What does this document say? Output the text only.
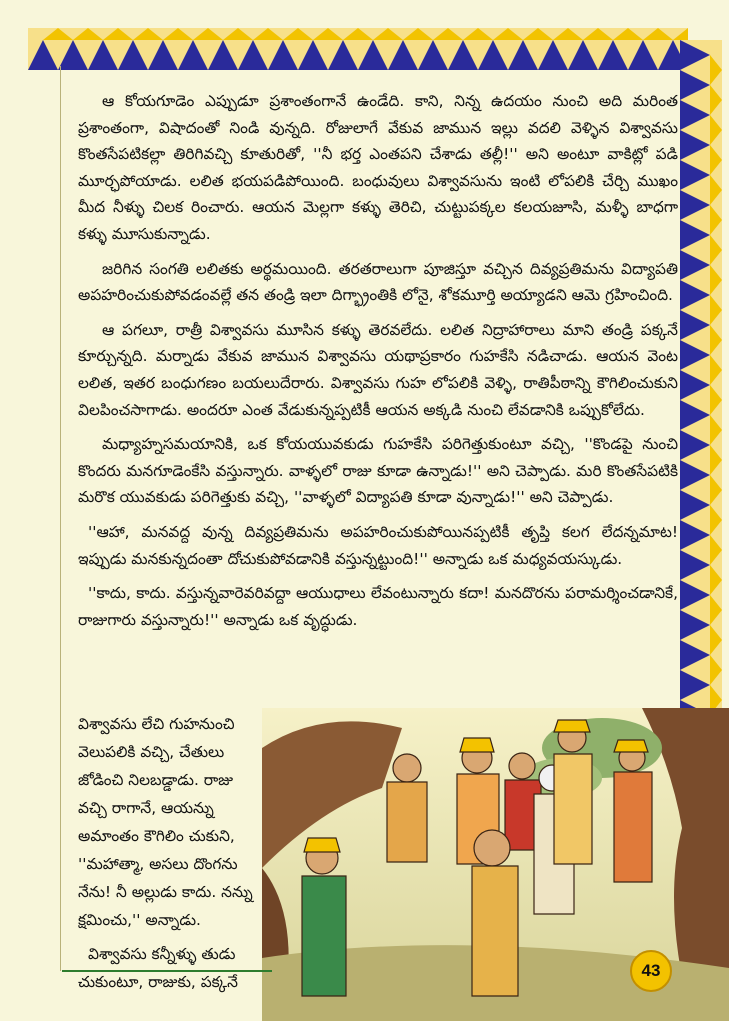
ఆ కోయగూడెం ఎప్పుడూ ప్రశాంతంగానే ఉండేది. కాని, నిన్న ఉదయం నుంచి అది మరింత ప్రశాంతంగా, విషాదంతో నిండి వున్నది. రోజులాగే వేకువ జామున ఇల్లు వదలి వెళ్ళిన విశ్వావసు కొంతసేపటికల్లా తిరిగివచ్చి కూతురితో, ''నీ భర్త ఎంతపని చేశాడు తల్లీ!'' అని అంటూ వాకిట్లో పడి మూర్ఛపోయాడు. లలిత భయపడిపోయింది. బంధువులు విశ్వావసును ఇంటి లోపలికి చేర్చి ముఖం మీద నీళ్ళు చిలక రించారు. ఆయన మెల్లగా కళ్ళు తెరిచి, చుట్టుపక్కల కలయజూసి, మళ్ళీ బాధగా కళ్ళు మూసుకున్నాడు.

జరిగిన సంగతి లలితకు అర్థమయింది. తరతరాలుగా పూజిస్తూ వచ్చిన దివ్యప్రతిమను విద్యాపతి అపహరించుకుపోవడంవల్లే తన తండ్రి ఇలా దిగ్భ్రాంతికి లోనై, శోకమూర్తి అయ్యాడని ఆమె గ్రహించింది.

ఆ పగలూ, రాత్రీ విశ్వావసు మూసిన కళ్ళు తెరవలేదు. లలిత నిద్రాహారాలు మాని తండ్రి పక్కనే కూర్చున్నది. మర్నాడు వేకువ జామున విశ్వావసు యథాప్రకారం గుహకేసి నడిచాడు. ఆయన వెంట లలిత, ఇతర బంధుగణం బయలుదేరారు. విశ్వావసు గుహ లోపలికి వెళ్ళి, రాతిపీఠాన్ని కౌగిలించుకుని విలపించసాగాడు. అందరూ ఎంత వేడుకున్నప్పటికీ ఆయన అక్కడి నుంచి లేవడానికి ఒప్పుకోలేదు.

మధ్యాహ్నసమయానికి, ఒక కోయయువకుడు గుహకేసి పరిగెత్తుకుంటూ వచ్చి, ''కొండపై నుంచి కొందరు మనగూడెంకేసి వస్తున్నారు. వాళ్ళలో రాజు కూడా ఉన్నాడు!'' అని చెప్పాడు. మరి కొంతసేపటికి మరొక యువకుడు పరిగెత్తుకు వచ్చి, ''వాళ్ళలో విద్యాపతి కూడా వున్నాడు!'' అని చెప్పాడు.

''ఆహా, మనవద్ద వున్న దివ్యప్రతిమను అపహరించుకుపోయినప్పటికీ తృప్తి కలగ లేదన్నమాట! ఇప్పుడు మనకున్నదంతా దోచుకుపోవడానికి వస్తున్నట్టుంది!'' అన్నాడు ఒక మధ్యవయస్కుడు.

''కాదు, కాదు. వస్తున్నవారెవరివద్దా ఆయుధాలు లేవంటున్నారు కదా! మనదొరను పరామర్శించడానికే, రాజుగారు వస్తున్నారు!'' అన్నాడు ఒక వృద్ధుడు.

విశ్వావసు లేచి గుహనుంచి వెలుపలికి వచ్చి, చేతులు జోడించి నిలబడ్డాడు. రాజు వచ్చి రాగానే, ఆయన్ను అమాంతం కౌగిలిం చుకుని, ''మహాత్మా, అసలు దొంగను నేను! నీ అల్లుడు కాదు. నన్ను క్షమించు,'' అన్నాడు.

విశ్వావసు కన్నీళ్ళు తుడు చుకుంటూ, రాజుకు, పక్కనే

43
